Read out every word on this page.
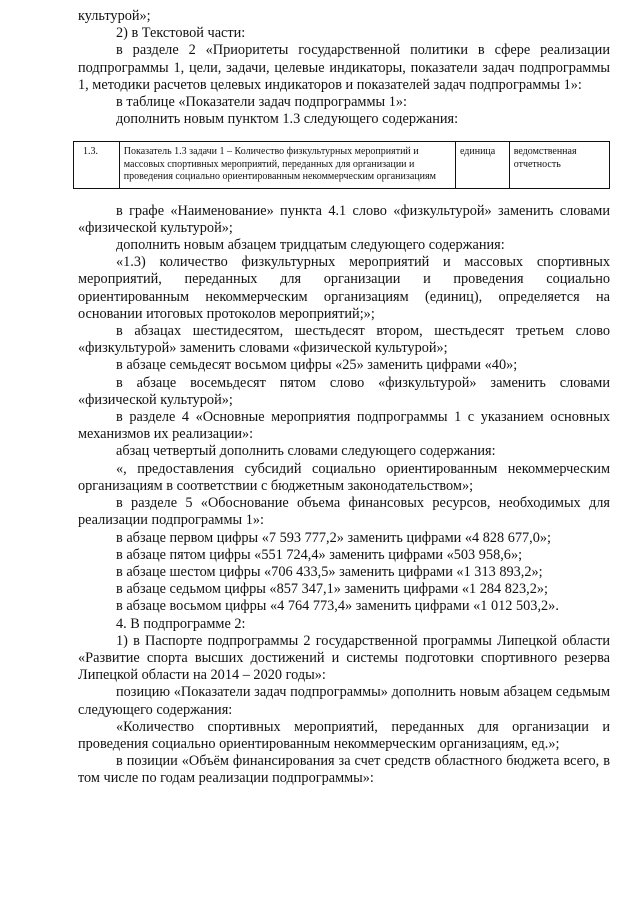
культурой»;

2) в Текстовой части:

в разделе 2 «Приоритеты государственной политики в сфере реализации подпрограммы 1, цели, задачи, целевые индикаторы, показатели задач подпрограммы 1, методики расчетов целевых индикаторов и показателей задач подпрограммы 1»:

в таблице «Показатели задач подпрограммы 1»:

дополнить новым пунктом 1.3 следующего содержания:

1.3.	Показатель 1.3 задачи 1 – Количество физкультурных мероприятий и массовых спортивных мероприятий, переданных для организации и проведения социально ориентированным некоммерческим организациям	единица	ведомственная отчетность

в графе «Наименование» пункта 4.1 слово «физкультурой» заменить словами «физической культурой»;

дополнить новым абзацем тридцатым следующего содержания:

«1.3) количество физкультурных мероприятий и массовых спортивных мероприятий, переданных для организации и проведения социально ориентированным некоммерческим организациям (единиц), определяется на основании итоговых протоколов мероприятий;»;

в абзацах шестидесятом, шестьдесят втором, шестьдесят третьем слово «физкультурой» заменить словами «физической культурой»;

в абзаце семьдесят восьмом цифры «25» заменить цифрами «40»;

в абзаце восемьдесят пятом слово «физкультурой» заменить словами «физической культурой»;

в разделе 4 «Основные мероприятия подпрограммы 1 с указанием основных механизмов их реализации»:

абзац четвертый дополнить словами следующего содержания:

«, предоставления субсидий социально ориентированным некоммерческим организациям в соответствии с бюджетным законодательством»;

в разделе 5 «Обоснование объема финансовых ресурсов, необходимых для реализации подпрограммы 1»:

в абзаце первом цифры «7 593 777,2» заменить цифрами «4 828 677,0»;

в абзаце пятом цифры «551 724,4» заменить цифрами «503 958,6»;

в абзаце шестом цифры «706 433,5» заменить цифрами «1 313 893,2»;

в абзаце седьмом цифры «857 347,1» заменить цифрами «1 284 823,2»;

в абзаце восьмом цифры «4 764 773,4» заменить цифрами «1 012 503,2».

4. В подпрограмме 2:

1) в Паспорте подпрограммы 2 государственной программы Липецкой области «Развитие спорта высших достижений и системы подготовки спортивного резерва Липецкой области на 2014 – 2020 годы»:

позицию «Показатели задач подпрограммы» дополнить новым абзацем седьмым следующего содержания:

«Количество спортивных мероприятий, переданных для организации и проведения социально ориентированным некоммерческим организациям, ед.»;

в позиции «Объём финансирования за счет средств областного бюджета всего, в том числе по годам реализации подпрограммы»:
